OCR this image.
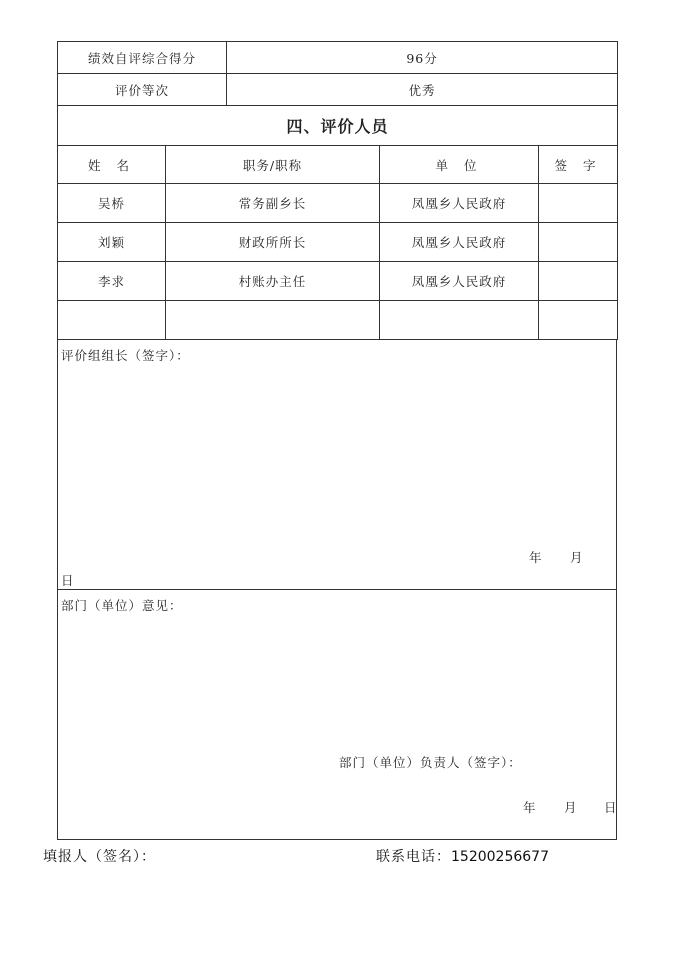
绩效自评综合得分	96分
评价等次	优秀
四、评价人员	
姓 名	职务/职称	单 位	签 字
吴桥	常务副乡长	凤凰乡人民政府	
刘颖	财政所所长	凤凰乡人民政府	
李求	村账办主任	凤凰乡人民政府	

评价组组长（签字）：
年 月
日
部门（单位）意见：
部门（单位）负责人（签字）：
年 月 日
填报人（签名）：	联系电话：15200256677
